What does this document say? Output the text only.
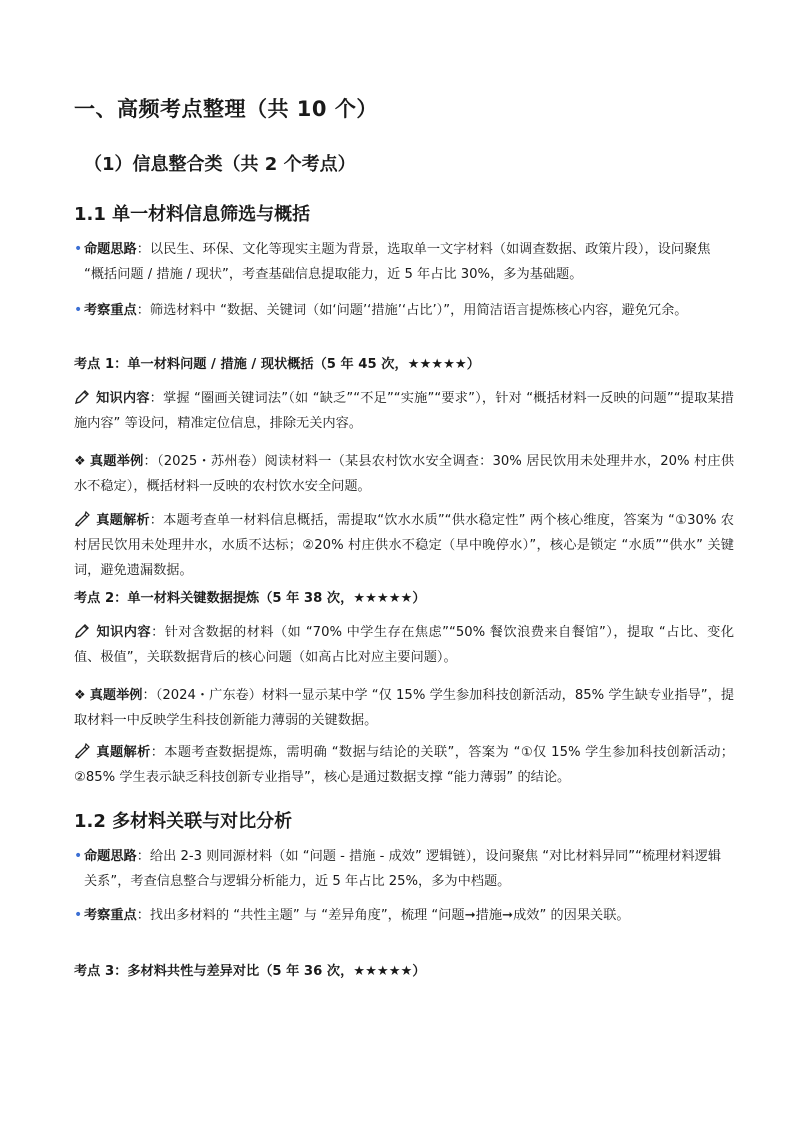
一、高频考点整理（共 10 个）
（1）信息整合类（共 2 个考点）
1.1 单一材料信息筛选与概括
• 命题思路：以民生、环保、文化等现实主题为背景，选取单一文字材料（如调查数据、政策片段），设问聚焦 “概括问题 / 措施 / 现状”，考查基础信息提取能力，近 5 年占比 30%，多为基础题。
• 考察重点：筛选材料中 “数据、关键词（如‘问题’‘措施’‘占比’）”，用简洁语言提炼核心内容，避免冗余。
考点 1：单一材料问题 / 措施 / 现状概括（5 年 45 次，★★★★★）
知识内容：掌握 “圈画关键词法”（如 “缺乏”“不足”“实施”“要求”），针对 “概括材料一反映的问题”“提取某措施内容” 等设问，精准定位信息，排除无关内容。
❖ 真题举例：（2025・苏州卷）阅读材料一（某县农村饮水安全调查：30% 居民饮用未处理井水，20% 村庄供水不稳定），概括材料一反映的农村饮水安全问题。
真题解析：本题考查单一材料信息概括，需提取“饮水水质”“供水稳定性” 两个核心维度，答案为 “①30% 农村居民饮用未处理井水，水质不达标；②20% 村庄供水不稳定（早中晚停水）”，核心是锁定 “水质”“供水” 关键词，避免遗漏数据。
考点 2：单一材料关键数据提炼（5 年 38 次，★★★★★）
知识内容：针对含数据的材料（如 “70% 中学生存在焦虑”“50% 餐饮浪费来自餐馆”），提取 “占比、变化值、极值”，关联数据背后的核心问题（如高占比对应主要问题）。
❖ 真题举例：（2024・广东卷）材料一显示某中学 “仅 15% 学生参加科技创新活动，85% 学生缺专业指导”，提取材料一中反映学生科技创新能力薄弱的关键数据。
真题解析：本题考查数据提炼，需明确 “数据与结论的关联”，答案为 “①仅 15% 学生参加科技创新活动；②85% 学生表示缺乏科技创新专业指导”，核心是通过数据支撑 “能力薄弱” 的结论。
1.2 多材料关联与对比分析
• 命题思路：给出 2-3 则同源材料（如 “问题 - 措施 - 成效” 逻辑链），设问聚焦 “对比材料异同”“梳理材料逻辑关系”，考查信息整合与逻辑分析能力，近 5 年占比 25%，多为中档题。
• 考察重点：找出多材料的 “共性主题” 与 “差异角度”，梳理 “问题➞措施➞成效” 的因果关联。
考点 3：多材料共性与差异对比（5 年 36 次，★★★★★）
